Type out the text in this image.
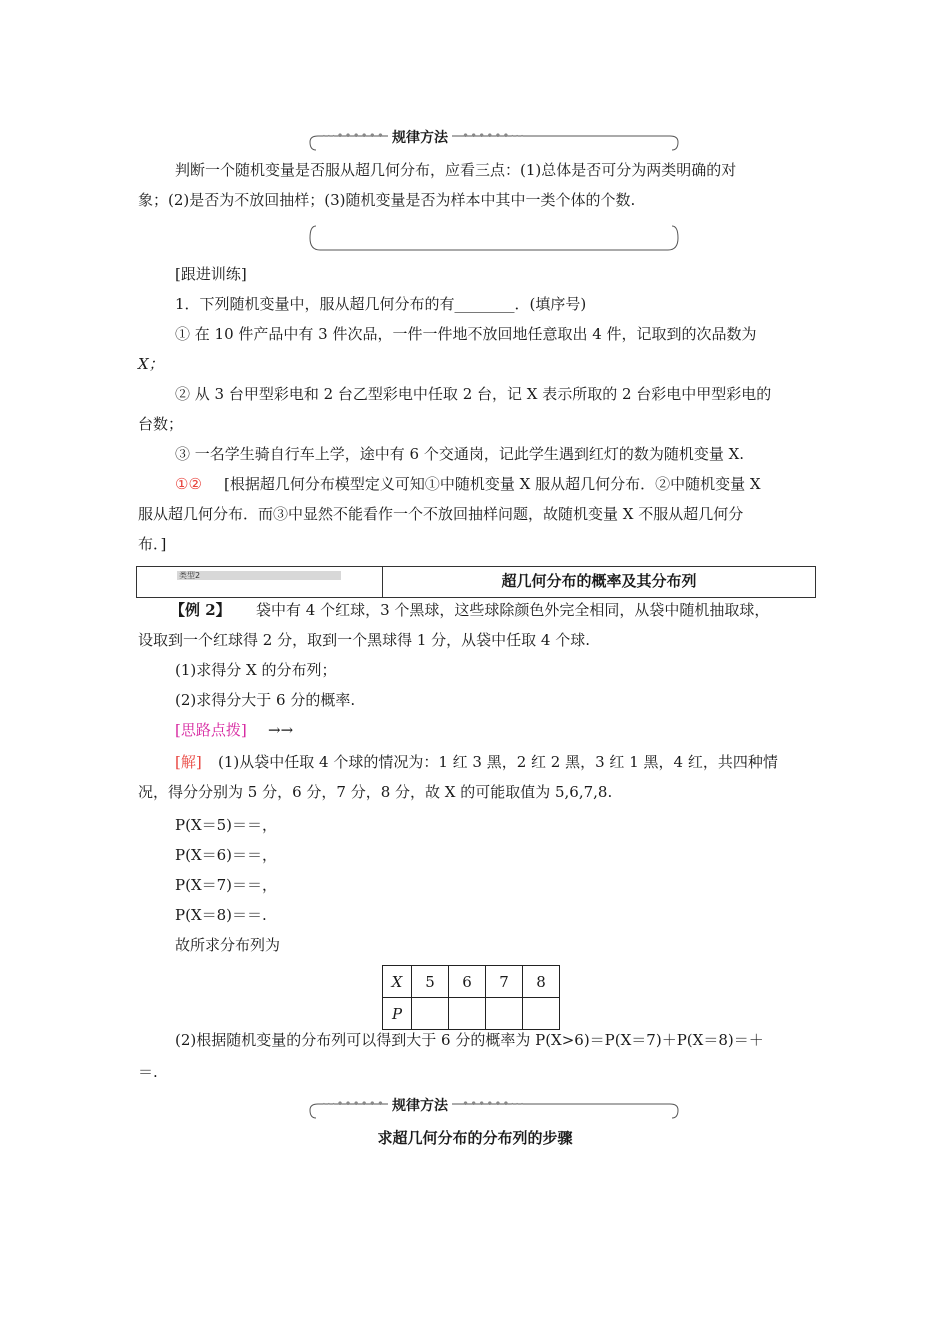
···•••••• 规律方法	••••••···
判断一个随机变量是否服从超几何分布，应看三点：(1)总体是否可分为两类明确的对
象；(2)是否为不放回抽样；(3)随机变量是否为样本中其中一类个体的个数.
[跟进训练]
1．下列随机变量中，服从超几何分布的有________．(填序号)
① 在 10 件产品中有 3 件次品，一件一件地不放回地任意取出 4 件，记取到的次品数为
X；
② 从 3 台甲型彩电和 2 台乙型彩电中任取 2 台，记 X 表示所取的 2 台彩电中甲型彩电的
台数；
③ 一名学生骑自行车上学，途中有 6 个交通岗，记此学生遇到红灯的数为随机变量 X.
①② [根据超几何分布模型定义可知①中随机变量 X 服从超几何分布．②中随机变量 X
服从超几何分布．而③中显然不能看作一个不放回抽样问题，故随机变量 X 不服从超几何分
布．]
类型2	超几何分布的概率及其分布列
【例 2】 袋中有 4 个红球，3 个黑球，这些球除颜色外完全相同，从袋中随机抽取球，
设取到一个红球得 2 分，取到一个黑球得 1 分，从袋中任取 4 个球.
(1)求得分 X 的分布列；
(2)求得分大于 6 分的概率.
[思路点拨] →→
[解] (1)从袋中任取 4 个球的情况为：1 红 3 黑，2 红 2 黑，3 红 1 黑，4 红，共四种情
况，得分分别为 5 分，6 分，7 分，8 分，故 X 的可能取值为 5,6,7,8.
P(X＝5)＝＝，
P(X＝6)＝＝，
P(X＝7)＝＝，
P(X＝8)＝＝.
故所求分布列为
X	5	6	7	8
P				
(2)根据随机变量的分布列可以得到大于 6 分的概率为 P(X>6)＝P(X＝7)＋P(X＝8)＝＋
＝.
···•••••• 规律方法	••••••···
求超几何分布的分布列的步骤
